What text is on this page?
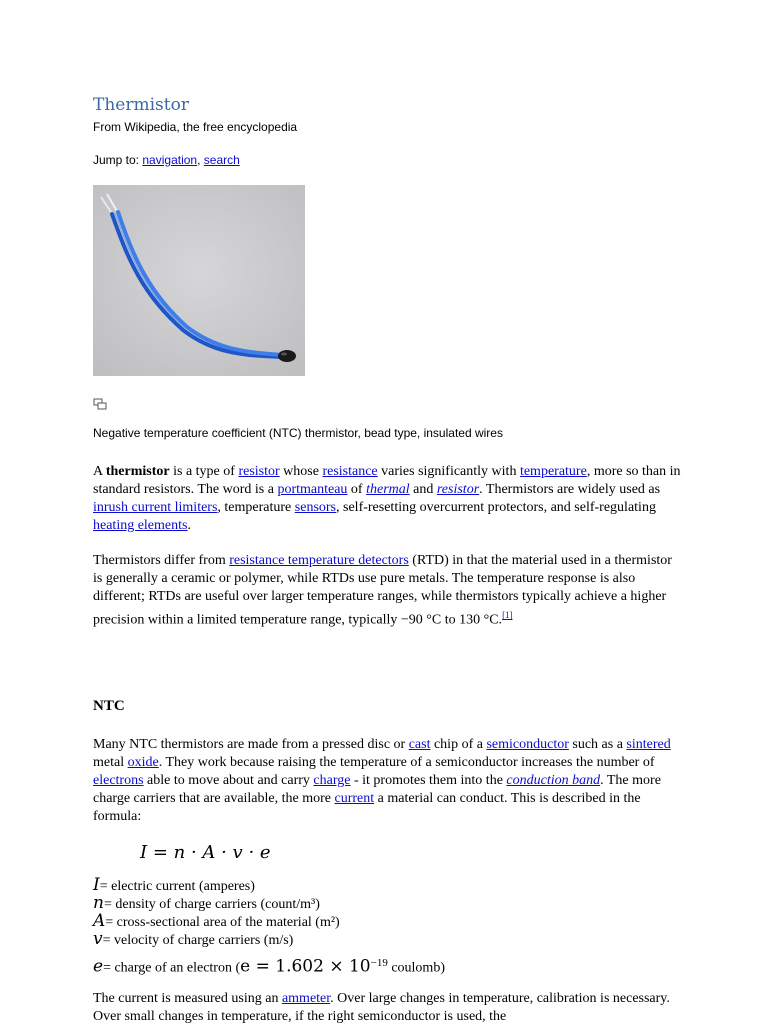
Thermistor
From Wikipedia, the free encyclopedia
Jump to: navigation, search
Negative temperature coefficient (NTC) thermistor, bead type, insulated wires

A thermistor is a type of resistor whose resistance varies significantly with temperature, more so than in standard resistors. The word is a portmanteau of thermal and resistor. Thermistors are widely used as inrush current limiters, temperature sensors, self-resetting overcurrent protectors, and self-regulating heating elements.

Thermistors differ from resistance temperature detectors (RTD) in that the material used in a thermistor is generally a ceramic or polymer, while RTDs use pure metals. The temperature response is also different; RTDs are useful over larger temperature ranges, while thermistors typically achieve a higher precision within a limited temperature range, typically −90 °C to 130 °C.[1]

NTC

Many NTC thermistors are made from a pressed disc or cast chip of a semiconductor such as a sintered metal oxide. They work because raising the temperature of a semiconductor increases the number of electrons able to move about and carry charge - it promotes them into the conduction band. The more charge carriers that are available, the more current a material can conduct. This is described in the formula:

I = n · A · v · e
I= electric current (amperes)
n= density of charge carriers (count/m³)
A= cross-sectional area of the material (m²)
v= velocity of charge carriers (m/s)
e= charge of an electron ($e = 1.602 \times 10^{-19}$ coulomb)

The current is measured using an ammeter. Over large changes in temperature, calibration is necessary. Over small changes in temperature, if the right semiconductor is used, the
